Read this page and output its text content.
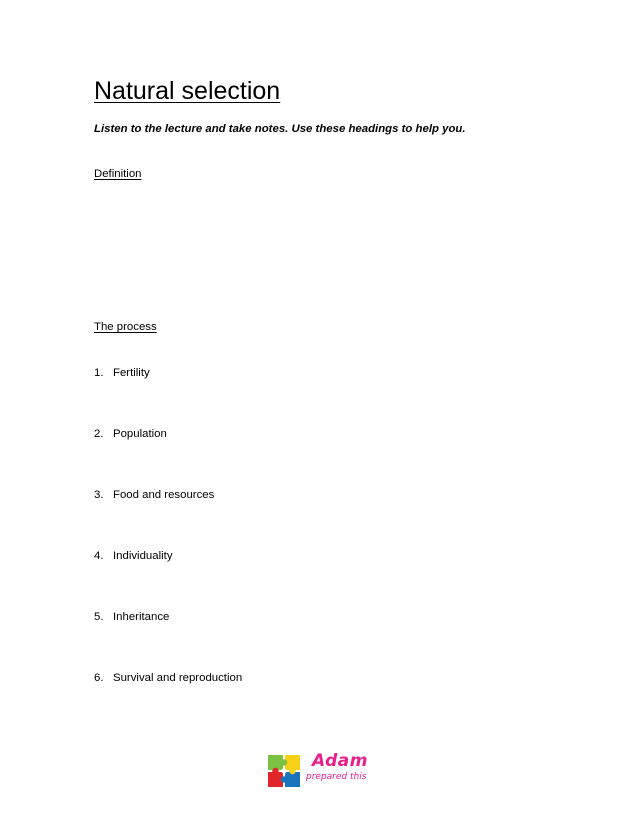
Natural selection

Listen to the lecture and take notes. Use these headings to help you.

Definition
The process
1. Fertility
2. Population
3. Food and resources
4. Individuality
5. Inheritance
6. Survival and reproduction
Adam
prepared this
